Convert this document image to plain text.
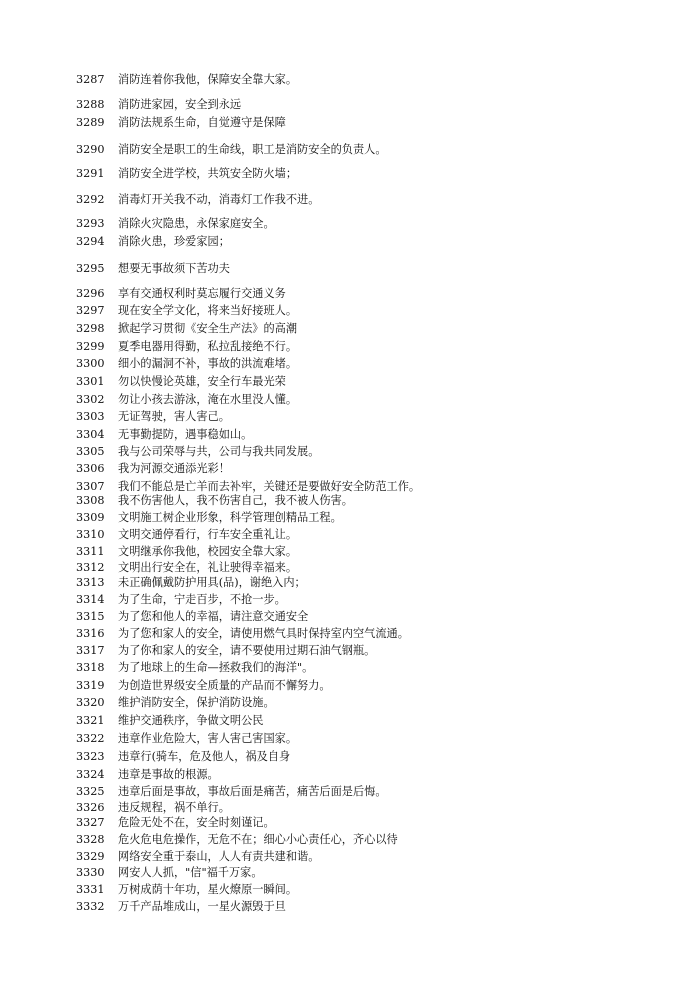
3287	消防连着你我他，保障安全靠大家。
3288	消防进家园，安全到永远
3289	消防法规系生命，自觉遵守是保障
3290	消防安全是职工的生命线，职工是消防安全的负责人。
3291	消防安全进学校，共筑安全防火墙；
3292	消毒灯开关我不动，消毒灯工作我不进。
3293	消除火灾隐患，永保家庭安全。
3294	消除火患，珍爱家园；
3295	想要无事故须下苦功夫
3296	享有交通权利时莫忘履行交通义务
3297	现在安全学文化，将来当好接班人。
3298	掀起学习贯彻《安全生产法》的高潮
3299	夏季电器用得勤，私拉乱接绝不行。
3300	细小的漏洞不补，事故的洪流难堵。
3301	勿以快慢论英雄，安全行车最光荣
3302	勿让小孩去游泳，淹在水里没人懂。
3303	无证驾驶，害人害己。
3304	无事勤提防，遇事稳如山。
3305	我与公司荣辱与共，公司与我共同发展。
3306	我为河源交通添光彩！
3307	我们不能总是亡羊而去补牢，关键还是要做好安全防范工作。
3308	我不伤害他人，我不伤害自己，我不被人伤害。
3309	文明施工树企业形象，科学管理创精品工程。
3310	文明交通停看行，行车安全重礼让。
3311	文明继承你我他，校园安全靠大家。
3312	文明出行安全在，礼让驶得幸福来。
3313	未正确佩戴防护用具(品)，谢绝入内；
3314	为了生命，宁走百步，不抢一步。
3315	为了您和他人的幸福，请注意交通安全
3316	为了您和家人的安全，请使用燃气具时保持室内空气流通。
3317	为了你和家人的安全，请不要使用过期石油气钢瓶。
3318	为了地球上的生命—拯救我们的海洋"。
3319	为创造世界级安全质量的产品而不懈努力。
3320	维护消防安全，保护消防设施。
3321	维护交通秩序，争做文明公民
3322	违章作业危险大，害人害己害国家。
3323	违章行(骑车，危及他人，祸及自身
3324	违章是事故的根源。
3325	违章后面是事故，事故后面是痛苦，痛苦后面是后悔。
3326	违反规程，祸不单行。
3327	危险无处不在，安全时刻谨记。
3328	危火危电危操作，无危不在；细心小心责任心，齐心以待
3329	网络安全重于泰山，人人有责共建和谐。
3330	网安人人抓，"信"福千万家。
3331	万树成荫十年功，星火燎原一瞬间。
3332	万千产品堆成山，一星火源毁于旦
